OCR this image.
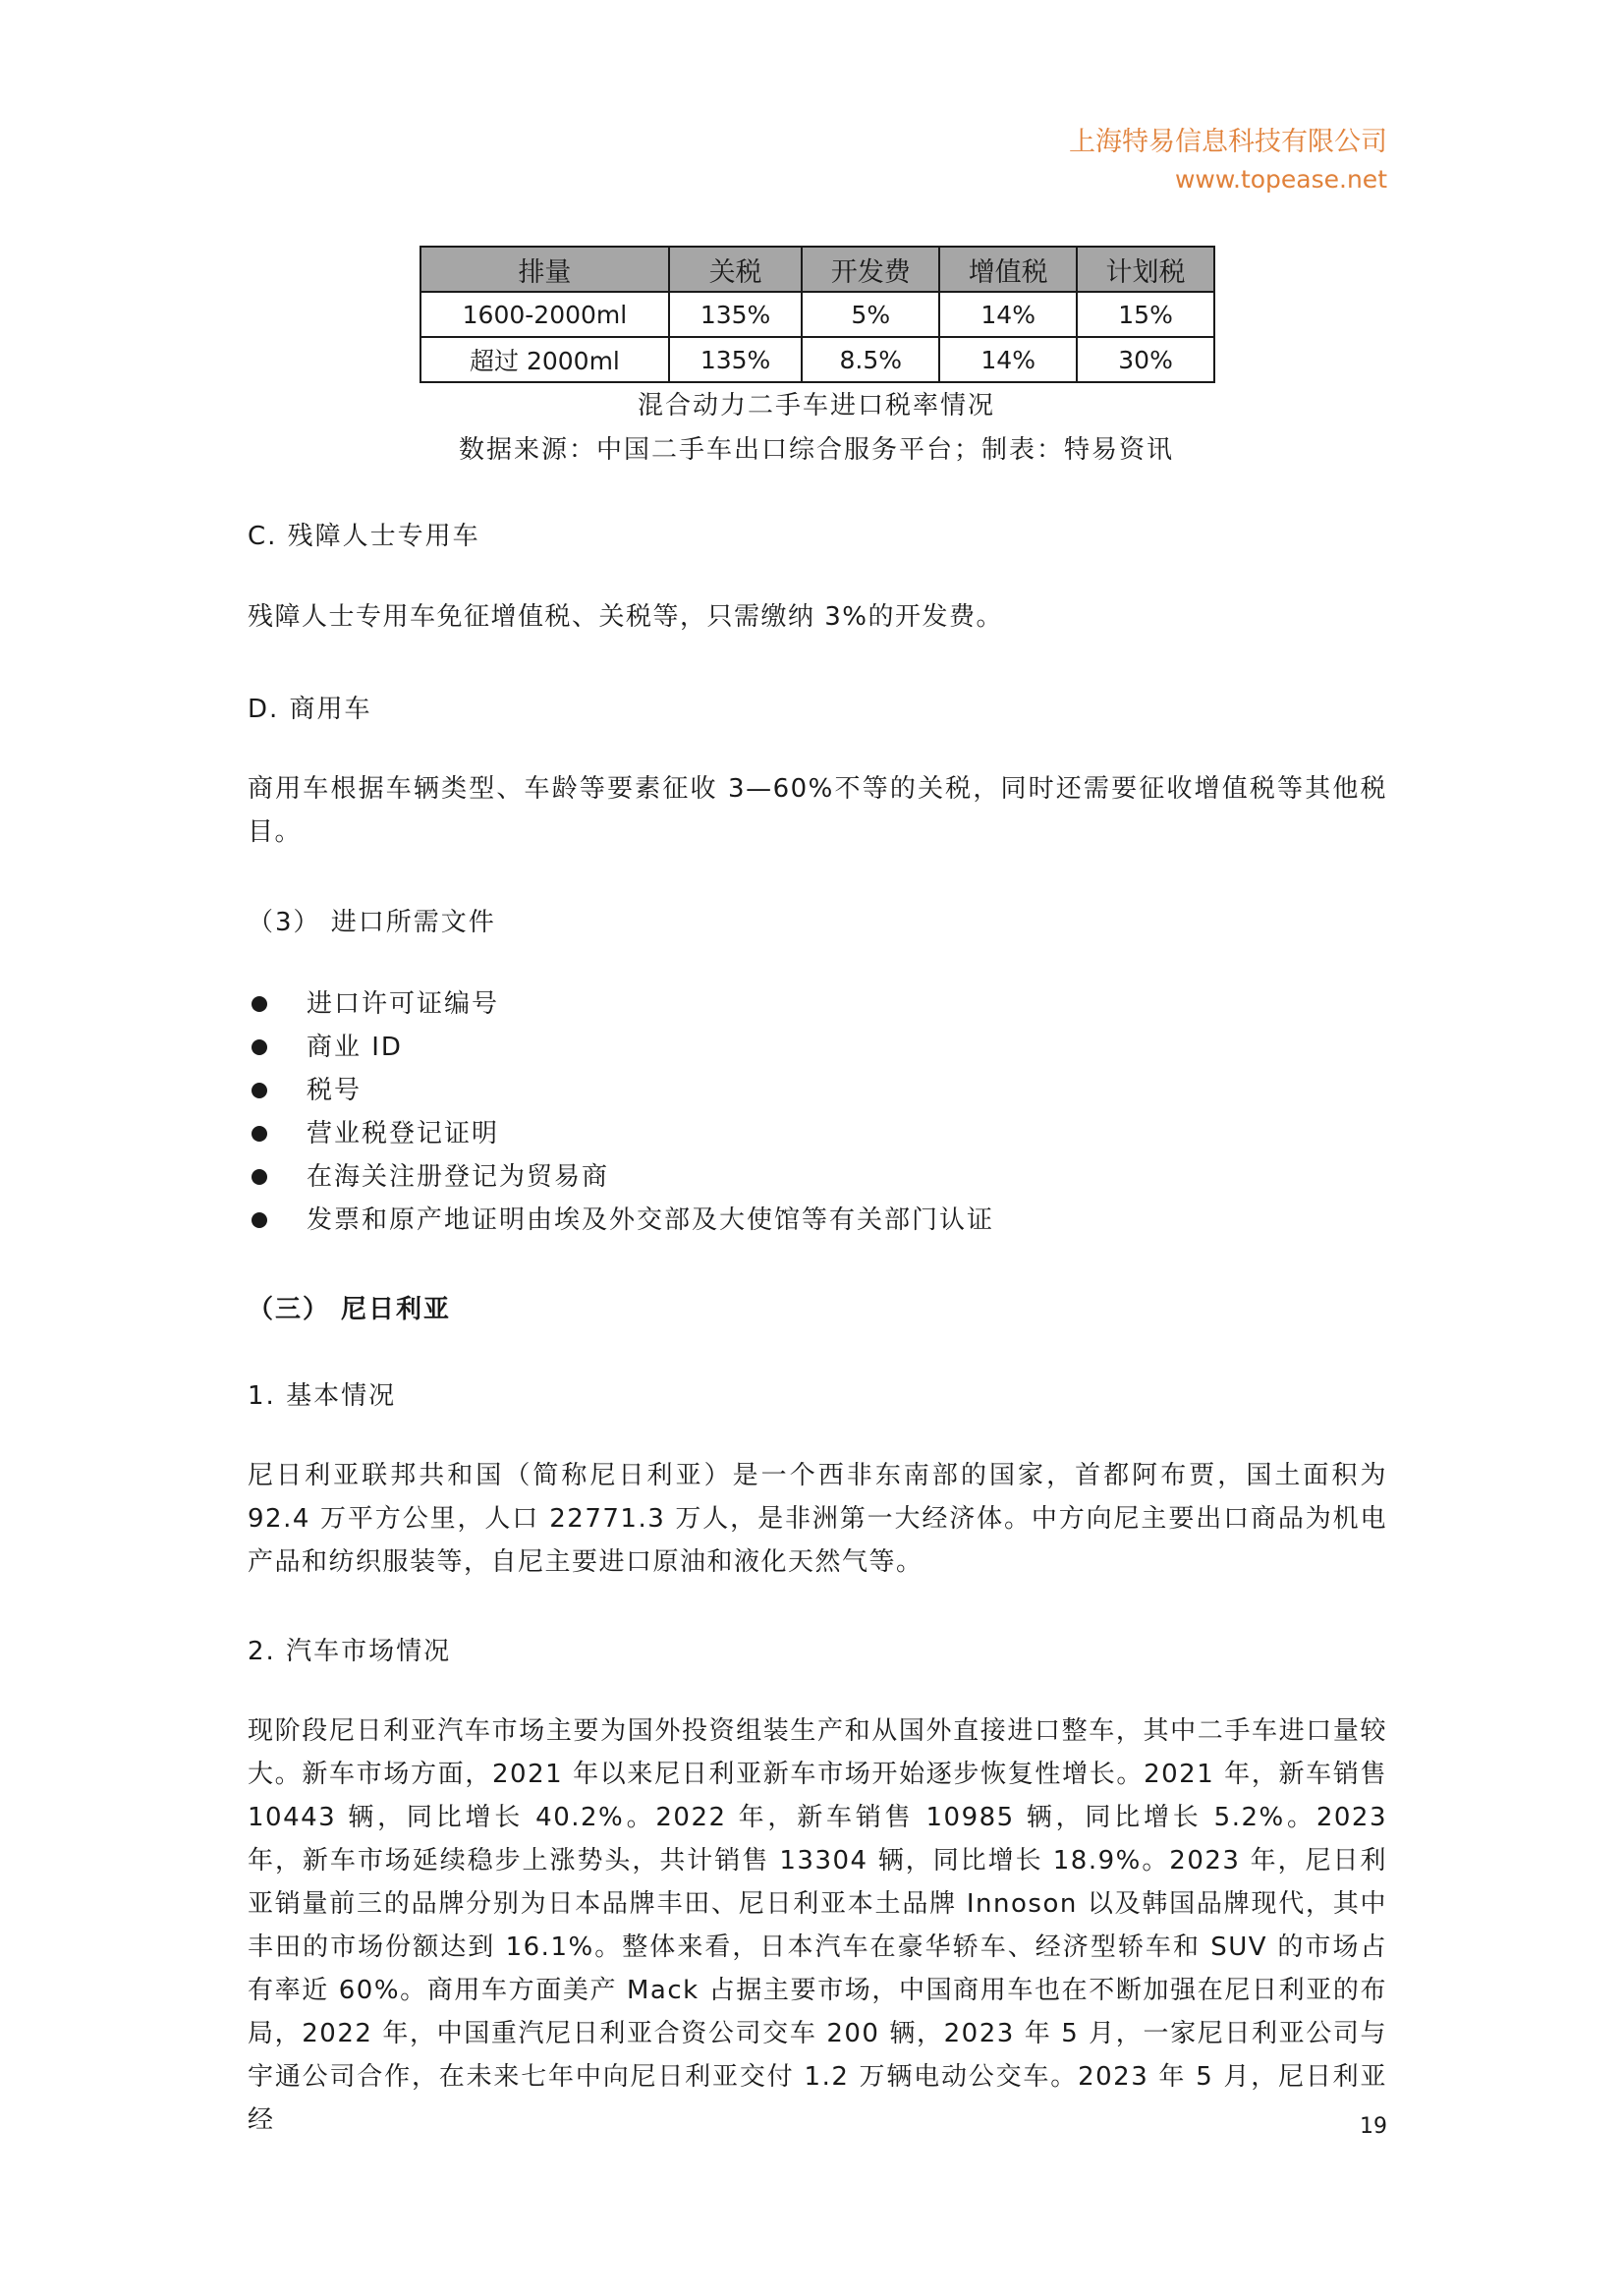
上海特易信息科技有限公司
www.topease.net
排量	关税	开发费	增值税	计划税
1600-2000ml	135%	5%	14%	15%
超过 2000ml	135%	8.5%	14%	30%
混合动力二手车进口税率情况
数据来源：中国二手车出口综合服务平台；制表：特易资讯
C. 残障人士专用车
残障人士专用车免征增值税、关税等，只需缴纳 3%的开发费。
D. 商用车
商用车根据车辆类型、车龄等要素征收 3—60%不等的关税，同时还需要征收增值税等其他税目。
（3） 进口所需文件
进口许可证编号
商业 ID
税号
营业税登记证明
在海关注册登记为贸易商
发票和原产地证明由埃及外交部及大使馆等有关部门认证
（三） 尼日利亚
1. 基本情况
尼日利亚联邦共和国（简称尼日利亚）是一个西非东南部的国家，首都阿布贾，国土面积为 92.4 万平方公里，人口 22771.3 万人，是非洲第一大经济体。中方向尼主要出口商品为机电产品和纺织服装等，自尼主要进口原油和液化天然气等。
2. 汽车市场情况
现阶段尼日利亚汽车市场主要为国外投资组装生产和从国外直接进口整车，其中二手车进口量较大。新车市场方面，2021 年以来尼日利亚新车市场开始逐步恢复性增长。2021 年，新车销售 10443 辆，同比增长 40.2%。2022 年，新车销售 10985 辆，同比增长 5.2%。2023 年，新车市场延续稳步上涨势头，共计销售 13304 辆，同比增长 18.9%。2023 年，尼日利亚销量前三的品牌分别为日本品牌丰田、尼日利亚本土品牌 Innoson 以及韩国品牌现代，其中丰田的市场份额达到 16.1%。整体来看，日本汽车在豪华轿车、经济型轿车和 SUV 的市场占有率近 60%。商用车方面美产 Mack 占据主要市场，中国商用车也在不断加强在尼日利亚的布局，2022 年，中国重汽尼日利亚合资公司交车 200 辆，2023 年 5 月，一家尼日利亚公司与宇通公司合作，在未来七年中向尼日利亚交付 1.2 万辆电动公交车。2023 年 5 月，尼日利亚经	19
